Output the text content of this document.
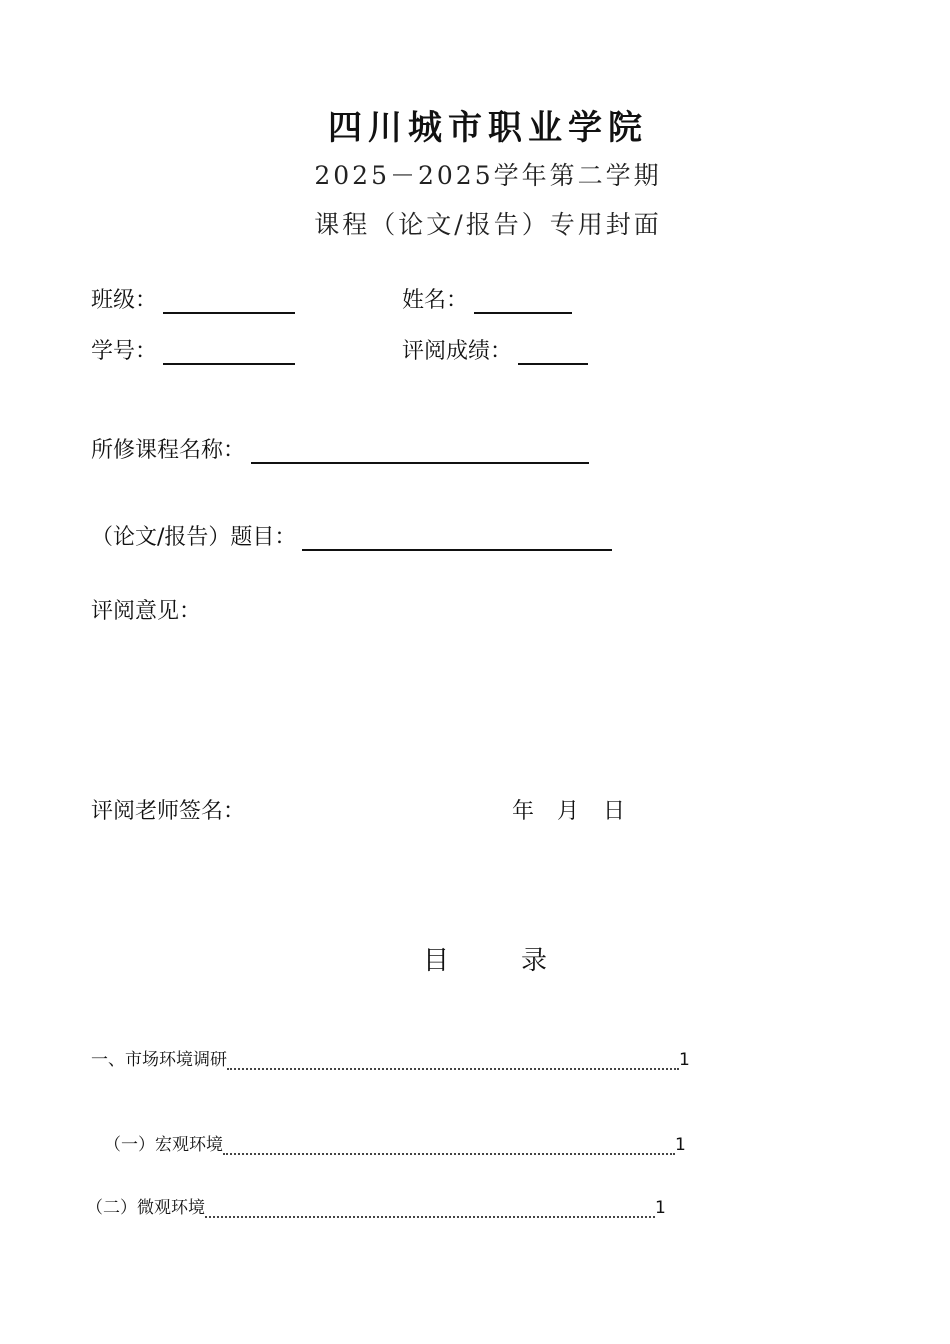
四川城市职业学院
2025－2025学年第二学期
课程（论文/报告）专用封面
班级：	姓名：
学号：	评阅成绩：
所修课程名称：
（论文/报告）题目：
评阅意见：
评阅老师签名：	年 月 日
目	录
一、市场环境调研	1
（一）宏观环境	1
（二）微观环境	1
